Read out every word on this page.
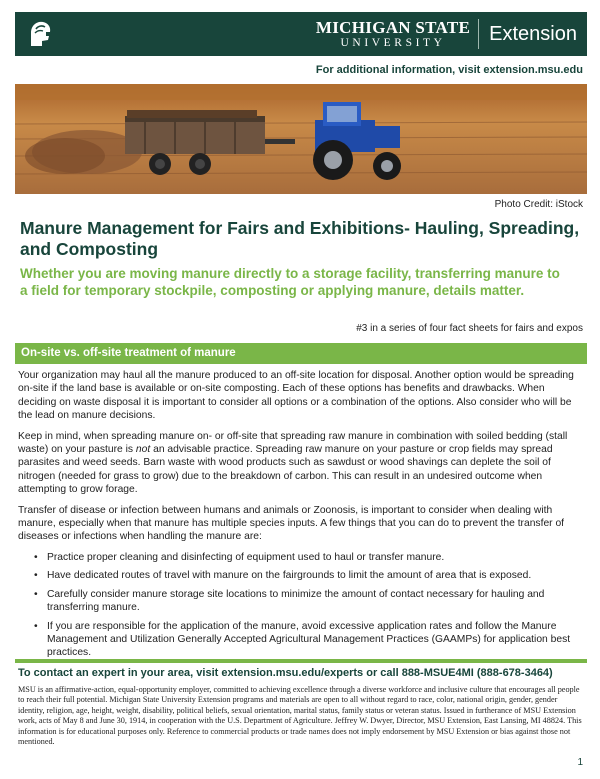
MICHIGAN STATE
UNIVERSITY	Extension
For additional information, visit extension.msu.edu
Photo Credit: iStock
Manure Management for Fairs and Exhibitions- Hauling, Spreading, and Composting
Whether you are moving manure directly to a storage facility, transferring manure to a field for temporary stockpile, composting or applying manure, details matter.
#3 in a series of four fact sheets for fairs and expos
On-site vs. off-site treatment of manure

Your organization may haul all the manure produced to an off-site location for disposal. Another option would be spreading on-site if the land base is available or on-site composting. Each of these options has benefits and drawbacks. When deciding on waste disposal it is important to consider all options or a combination of the options. Also consider who will be the lead on manure decisions.

Keep in mind, when spreading manure on- or off-site that spreading raw manure in combination with soiled bedding (stall waste) on your pasture is not an advisable practice. Spreading raw manure on your pasture or crop fields may spread parasites and weed seeds. Barn waste with wood products such as sawdust or wood shavings can deplete the soil of nitrogen (needed for grass to grow) due to the breakdown of carbon. This can result in an undesired outcome when attempting to grow forage.

Transfer of disease or infection between humans and animals or Zoonosis, is important to consider when dealing with manure, especially when that manure has multiple species inputs. A few things that you can do to prevent the transfer of diseases or infections when handling the manure are:

• Practice proper cleaning and disinfecting of equipment used to haul or transfer manure.
• Have dedicated routes of travel with manure on the fairgrounds to limit the amount of area that is exposed.
• Carefully consider manure storage site locations to minimize the amount of contact necessary for hauling and transferring manure.
• If you are responsible for the application of the manure, avoid excessive application rates and follow the Manure Management and Utilization Generally Accepted Agricultural Management Practices (GAAMPs) for application best practices.
To contact an expert in your area, visit extension.msu.edu/experts or call 888-MSUE4MI (888-678-3464)
MSU is an affirmative-action, equal-opportunity employer, committed to achieving excellence through a diverse workforce and inclusive culture that encourages all people to reach their full potential. Michigan State University Extension programs and materials are open to all without regard to race, color, national origin, gender, gender identity, religion, age, height, weight, disability, political beliefs, sexual orientation, marital status, family status or veteran status. Issued in furtherance of MSU Extension work, acts of May 8 and June 30, 1914, in cooperation with the U.S. Department of Agriculture. Jeffrey W. Dwyer, Director, MSU Extension, East Lansing, MI 48824. This information is for educational purposes only. Reference to commercial products or trade names does not imply endorsement by MSU Extension or bias against those not mentioned.
1
